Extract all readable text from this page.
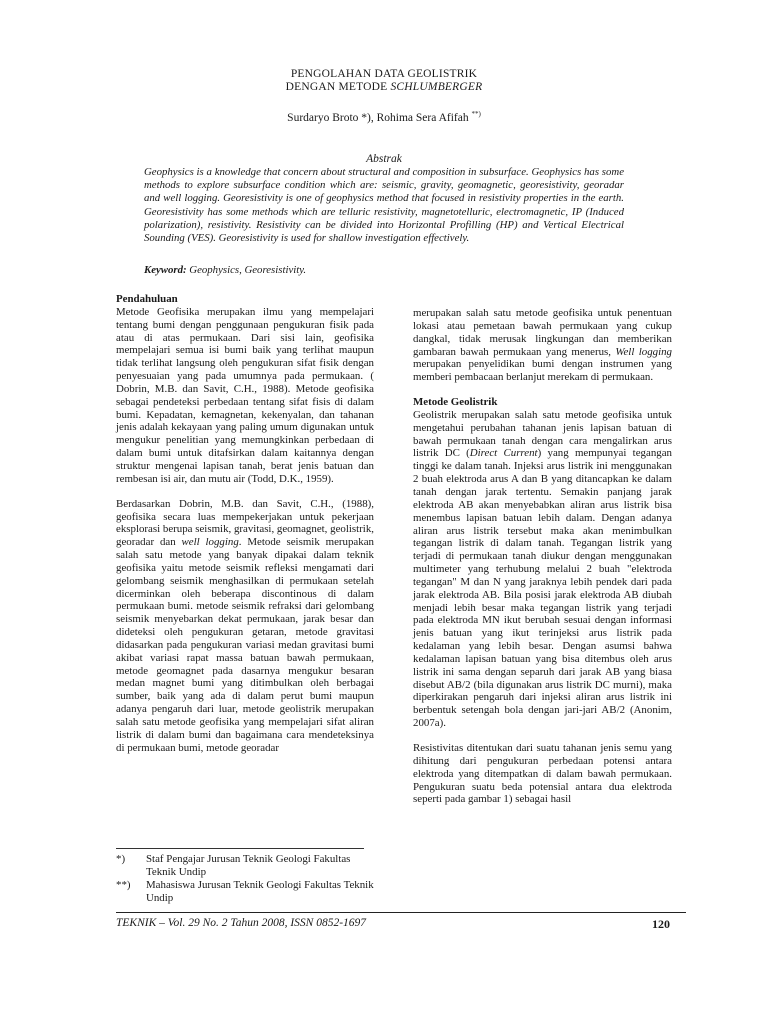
PENGOLAHAN DATA GEOLISTRIK
DENGAN METODE SCHLUMBERGER
Surdaryo Broto *), Rohima Sera Afifah **)
Abstrak
Geophysics is a knowledge that concern about structural and composition in subsurface. Geophysics has some methods to explore subsurface condition which are: seismic, gravity, geomagnetic, georesistivity, georadar and well logging. Georesistivity is one of geophysics method that focused in resistivity properties in the earth. Georesistivity has some methods which are telluric resistivity, magnetotelluric, electromagnetic, IP (Induced polarization), resistivity. Resistivity can be divided into Horizontal Profilling (HP) and Vertical Electrical Sounding (VES). Georesistivity is used for shallow investigation effectively.
Keyword: Geophysics, Georesistivity.

Pendahuluan

Metode Geofisika merupakan ilmu yang mempelajari tentang bumi dengan penggunaan pengukuran fisik pada atau di atas permukaan. Dari sisi lain, geofisika mempelajari semua isi bumi baik yang terlihat maupun tidak terlihat langsung oleh pengukuran sifat fisik dengan penyesuaian yang pada umumnya pada permukaan. ( Dobrin, M.B. dan Savit, C.H., 1988). Metode geofisika sebagai pendeteksi perbedaan tentang sifat fisis di dalam bumi. Kepadatan, kemagnetan, kekenyalan, dan tahanan jenis adalah kekayaan yang paling umum digunakan untuk mengukur penelitian yang memungkinkan perbedaan di dalam bumi untuk ditafsirkan dalam kaitannya dengan struktur mengenai lapisan tanah, berat jenis batuan dan rembesan isi air, dan mutu air (Todd, D.K., 1959).

Berdasarkan Dobrin, M.B. dan Savit, C.H., (1988), geofisika secara luas mempekerjakan untuk pekerjaan eksplorasi berupa seismik, gravitasi, geomagnet, geolistrik, georadar dan well logging. Metode seismik merupakan salah satu metode yang banyak dipakai dalam teknik geofisika yaitu metode seismik refleksi mengamati dari gelombang seismik menghasilkan di permukaan setelah dicerminkan oleh beberapa discontinous di dalam permukaan bumi. metode seismik refraksi dari gelombang seismik menyebarkan dekat permukaan, jarak besar dan dideteksi oleh pengukuran getaran, metode gravitasi didasarkan pada pengukuran variasi medan gravitasi bumi akibat variasi rapat massa batuan bawah permukaan, metode geomagnet pada dasarnya mengukur besaran medan magnet bumi yang ditimbulkan oleh berbagai sumber, baik yang ada di dalam perut bumi maupun adanya pengaruh dari luar, metode geolistrik merupakan salah satu metode geofisika yang mempelajari sifat aliran listrik di dalam bumi dan bagaimana cara mendeteksinya di permukaan bumi, metode georadar

*)	Staf Pengajar Jurusan Teknik Geologi Fakultas Teknik Undip
**)	Mahasiswa Jurusan Teknik Geologi Fakultas Teknik Undip

merupakan salah satu metode geofisika untuk penentuan lokasi atau pemetaan bawah permukaan yang cukup dangkal, tidak merusak lingkungan dan memberikan gambaran bawah permukaan yang menerus, Well logging merupakan penyelidikan bumi dengan instrumen yang memberi pembacaan berlanjut merekam di permukaan.

Metode Geolistrik

Geolistrik merupakan salah satu metode geofisika untuk mengetahui perubahan tahanan jenis lapisan batuan di bawah permukaan tanah dengan cara mengalirkan arus listrik DC (Direct Current) yang mempunyai tegangan tinggi ke dalam tanah. Injeksi arus listrik ini menggunakan 2 buah elektroda arus A dan B yang ditancapkan ke dalam tanah dengan jarak tertentu. Semakin panjang jarak elektroda AB akan menyebabkan aliran arus listrik bisa menembus lapisan batuan lebih dalam. Dengan adanya aliran arus listrik tersebut maka akan menimbulkan tegangan listrik di dalam tanah. Tegangan listrik yang terjadi di permukaan tanah diukur dengan menggunakan multimeter yang terhubung melalui 2 buah "elektroda tegangan" M dan N yang jaraknya lebih pendek dari pada jarak elektroda AB. Bila posisi jarak elektroda AB diubah menjadi lebih besar maka tegangan listrik yang terjadi pada elektroda MN ikut berubah sesuai dengan informasi jenis batuan yang ikut terinjeksi arus listrik pada kedalaman yang lebih besar. Dengan asumsi bahwa kedalaman lapisan batuan yang bisa ditembus oleh arus listrik ini sama dengan separuh dari jarak AB yang biasa disebut AB/2 (bila digunakan arus listrik DC murni), maka diperkirakan pengaruh dari injeksi aliran arus listrik ini berbentuk setengah bola dengan jari-jari AB/2 (Anonim, 2007a).

Resistivitas ditentukan dari suatu tahanan jenis semu yang dihitung dari pengukuran perbedaan potensi antara elektroda yang ditempatkan di dalam bawah permukaan. Pengukuran suatu beda potensial antara dua elektroda seperti pada gambar 1) sebagai hasil

TEKNIK – Vol. 29 No. 2 Tahun 2008, ISSN 0852-1697	120
